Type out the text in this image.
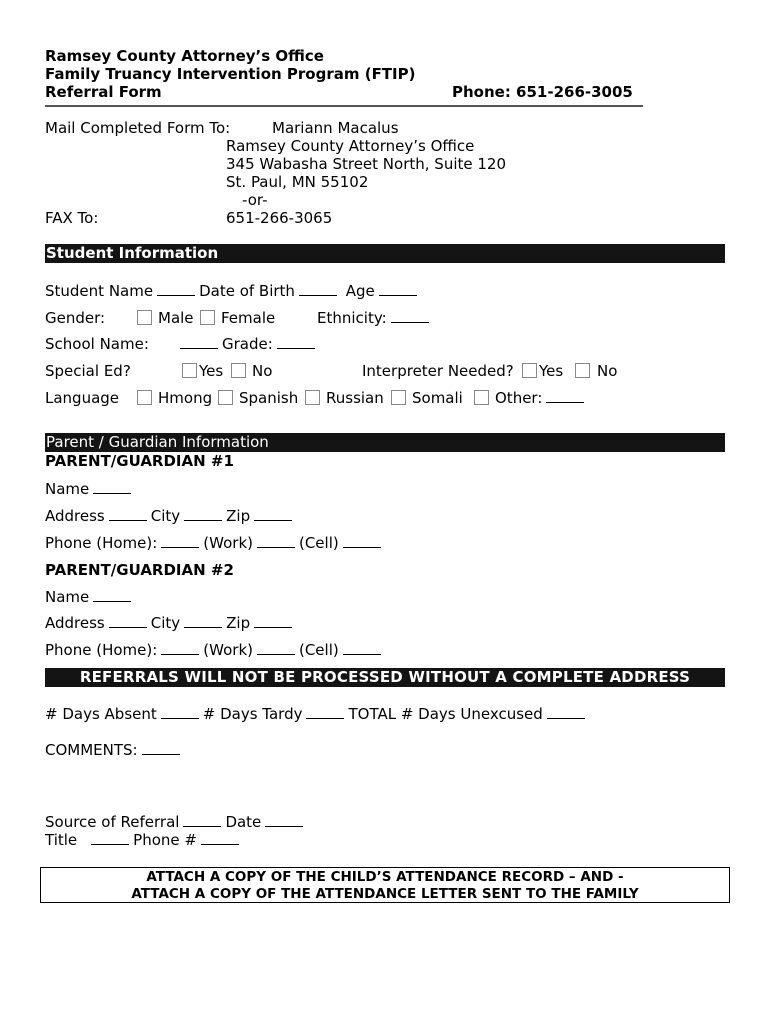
Ramsey County Attorney’s Office
Family Truancy Intervention Program (FTIP)
Referral Form	Phone: 651-266-3005
Mail Completed Form To:	Mariann Macalus
Ramsey County Attorney’s Office
345 Wabasha Street North, Suite 120
St. Paul, MN 55102
-or-
FAX To:	651-266-3065
Student Information
Student Name	Date of Birth	Age
Gender:	Male Female	Ethnicity:
School Name:	Grade:
Special Ed?	Yes No	Interpreter Needed? Yes No
Language	Hmong Spanish Russian Somali Other:
Parent / Guardian Information
PARENT/GUARDIAN #1
Name
Address	City	Zip
Phone (Home):	(Work)	(Cell)
PARENT/GUARDIAN #2
Name
Address	City	Zip
Phone (Home):	(Work)	(Cell)
REFERRALS WILL NOT BE PROCESSED WITHOUT A COMPLETE ADDRESS
# Days Absent	# Days Tardy	TOTAL # Days Unexcused
COMMENTS:
Source of Referral	Date
Title	Phone #
ATTACH A COPY OF THE CHILD’S ATTENDANCE RECORD – AND -
ATTACH A COPY OF THE ATTENDANCE LETTER SENT TO THE FAMILY
